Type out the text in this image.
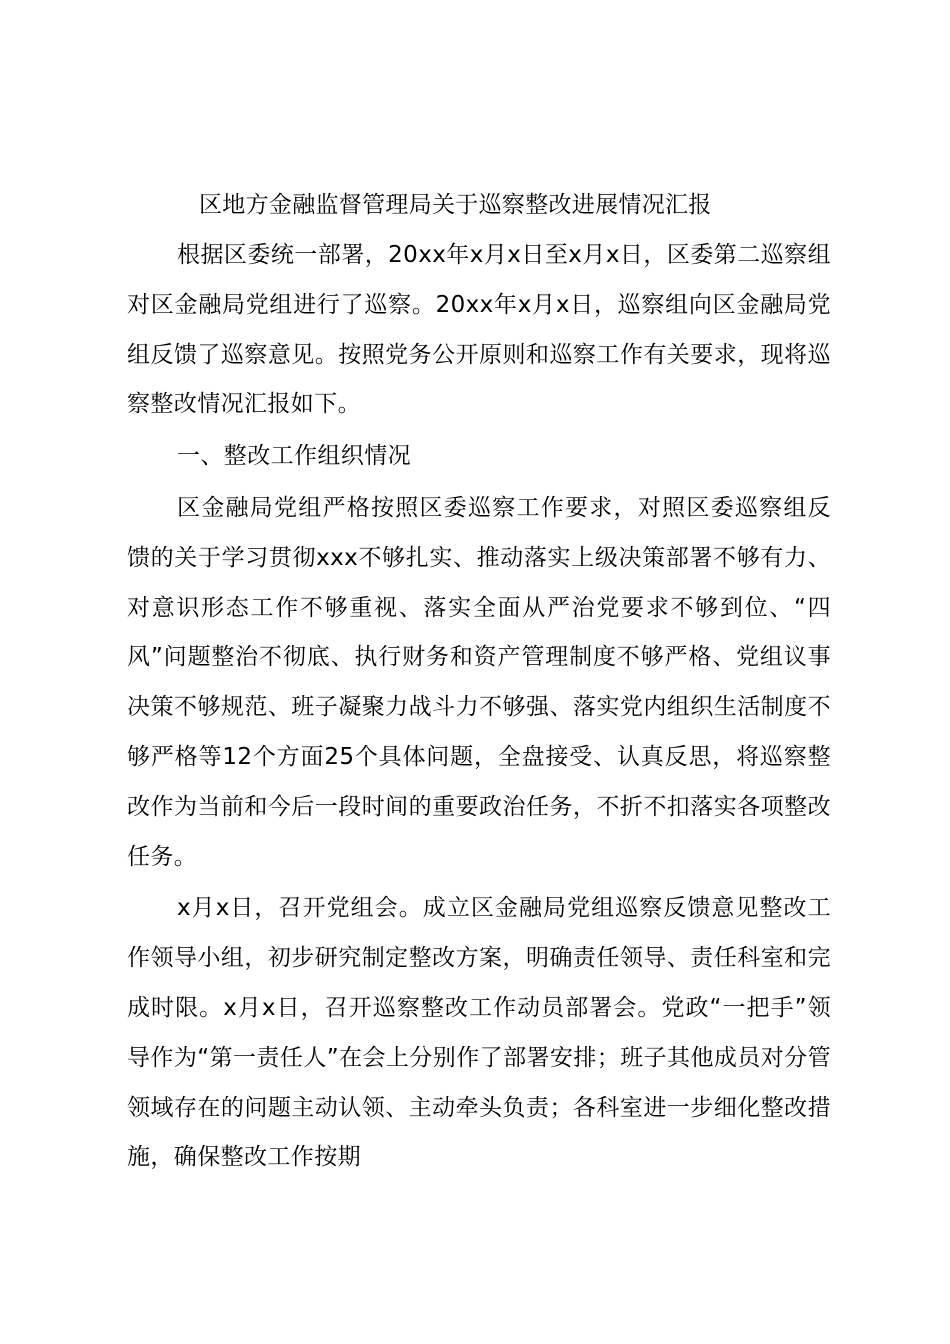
区地方金融监督管理局关于巡察整改进展情况汇报

根据区委统一部署，20xx年x月x日至x月x日，区委第二巡察组对区金融局党组进行了巡察。20xx年x月x日，巡察组向区金融局党组反馈了巡察意见。按照党务公开原则和巡察工作有关要求，现将巡察整改情况汇报如下。

一、整改工作组织情况

区金融局党组严格按照区委巡察工作要求，对照区委巡察组反馈的关于学习贯彻xxx不够扎实、推动落实上级决策部署不够有力、对意识形态工作不够重视、落实全面从严治党要求不够到位、“四风”问题整治不彻底、执行财务和资产管理制度不够严格、党组议事决策不够规范、班子凝聚力战斗力不够强、落实党内组织生活制度不够严格等12个方面25个具体问题，全盘接受、认真反思，将巡察整改作为当前和今后一段时间的重要政治任务，不折不扣落实各项整改任务。

x月x日，召开党组会。成立区金融局党组巡察反馈意见整改工作领导小组，初步研究制定整改方案，明确责任领导、责任科室和完成时限。x月x日，召开巡察整改工作动员部署会。党政“一把手”领导作为“第一责任人”在会上分别作了部署安排；班子其他成员对分管领域存在的问题主动认领、主动牵头负责；各科室进一步细化整改措施，确保整改工作按期
